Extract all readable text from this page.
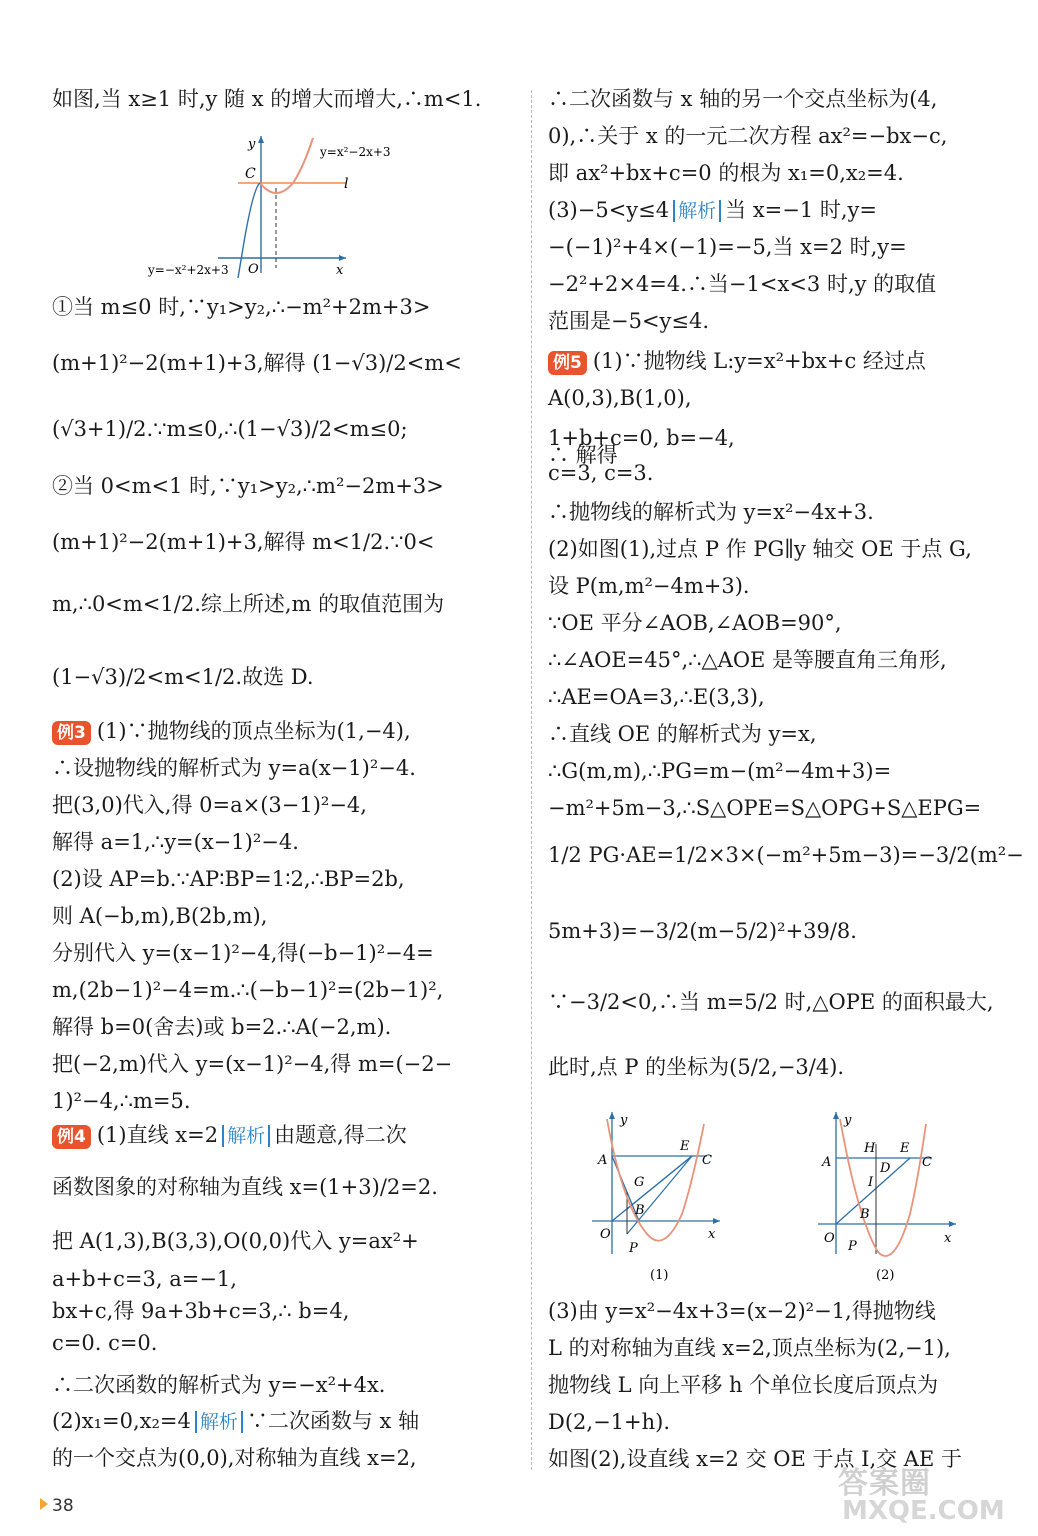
如图,当 x≥1 时,y 随 x 的增大而增大,∴m<1.
①当 m≤0 时,∵y₁>y₂,∴−m²+2m+3>
(m+1)²−2(m+1)+3,解得 (1−√3)/2<m<
(√3+1)/2.∵m≤0,∴(1−√3)/2<m≤0;
②当 0<m<1 时,∵y₁>y₂,∴m²−2m+3>
(m+1)²−2(m+1)+3,解得 m<1/2.∵0<
m,∴0<m<1/2.综上所述,m 的取值范围为
(1−√3)/2<m<1/2.故选 D.
例3 (1)∵抛物线的顶点坐标为(1,−4),
∴设抛物线的解析式为 y=a(x−1)²−4.
把(3,0)代入,得 0=a×(3−1)²−4,
解得 a=1,∴y=(x−1)²−4.
(2)设 AP=b.∵AP∶BP=1∶2,∴BP=2b,
则 A(−b,m),B(2b,m),
分别代入 y=(x−1)²−4,得(−b−1)²−4=
m,(2b−1)²−4=m.∴(−b−1)²=(2b−1)²,
解得 b=0(舍去)或 b=2.∴A(−2,m).
把(−2,m)代入 y=(x−1)²−4,得 m=(−2−
1)²−4,∴m=5.
例4 (1)直线 x=2 解析 由题意,得二次
函数图象的对称轴为直线 x=(1+3)/2=2.
把 A(1,3),B(3,3),O(0,0)代入 y=ax²+
a+b+c=3, a=−1,
bx+c,得 9a+3b+c=3,∴ b=4,
c=0. c=0.
∴二次函数的解析式为 y=−x²+4x.
(2)x₁=0,x₂=4 解析 ∵二次函数与 x 轴
的一个交点为(0,0),对称轴为直线 x=2,
∴二次函数与 x 轴的另一个交点坐标为(4,
0),∴关于 x 的一元二次方程 ax²=−bx−c,
即 ax²+bx+c=0 的根为 x₁=0,x₂=4.
(3)−5<y≤4 解析 当 x=−1 时,y=
−(−1)²+4×(−1)=−5,当 x=2 时,y=
−2²+2×4=4.∴当−1<x<3 时,y 的取值
范围是−5<y≤4.
例5 (1)∵抛物线 L:y=x²+bx+c 经过点
A(0,3),B(1,0),
1+b+c=0, b=−4,
∴ 解得
c=3, c=3.
∴抛物线的解析式为 y=x²−4x+3.
(2)如图(1),过点 P 作 PG∥y 轴交 OE 于点 G,
设 P(m,m²−4m+3).
∵OE 平分∠AOB,∠AOB=90°,
∴∠AOE=45°,∴△AOE 是等腰直角三角形,
∴AE=OA=3,∴E(3,3),
∴直线 OE 的解析式为 y=x,
∴G(m,m),∴PG=m−(m²−4m+3)=
−m²+5m−3,∴S△OPE=S△OPG+S△EPG=
1/2 PG·AE=1/2×3×(−m²+5m−3)=−3/2(m²−
5m+3)=−3/2(m−5/2)²+39/8.
∵−3/2<0,∴当 m=5/2 时,△OPE 的面积最大,
此时,点 P 的坐标为(5/2,−3/4).
(3)由 y=x²−4x+3=(x−2)²−1,得抛物线
L 的对称轴为直线 x=2,顶点坐标为(2,−1),
抛物线 L 向上平移 h 个单位长度后顶点为
D(2,−1+h).
如图(2),设直线 x=2 交 OE 于点 I,交 AE 于
y
x
O
C
l
y=x²−2x+3
y=−x²+2x+3
y
x
O
A
E
C
G
B
P
(1)
y
x
O
A
H E
D C
I
B
P
(2)
38
答案圈
MXQE.COM
